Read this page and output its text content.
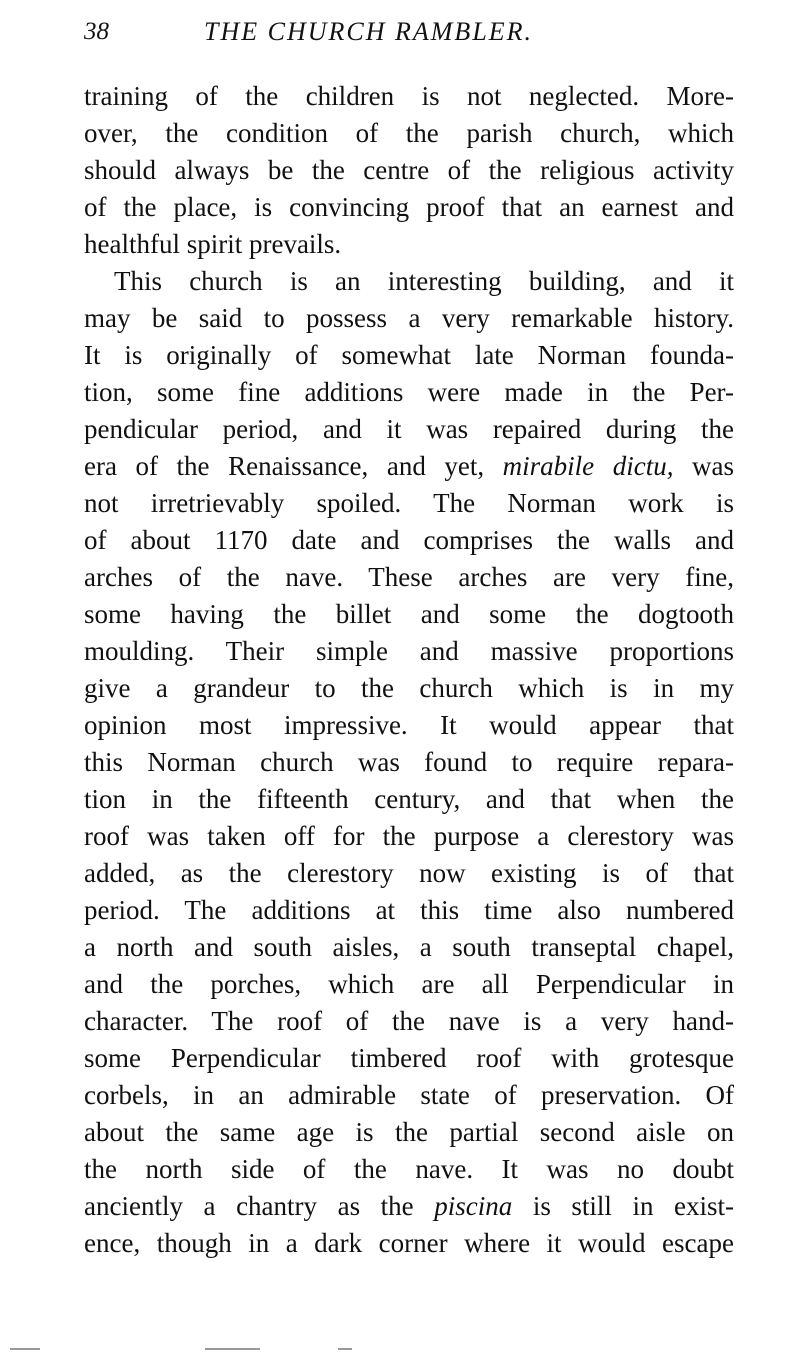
38	THE CHURCH RAMBLER.
training of the children is not neglected. More-
over, the condition of the parish church, which
should always be the centre of the religious activity
of the place, is convincing proof that an earnest and
healthful spirit prevails.
This church is an interesting building, and it
may be said to possess a very remarkable history.
It is originally of somewhat late Norman founda-
tion, some fine additions were made in the Per-
pendicular period, and it was repaired during the
era of the Renaissance, and yet, mirabile dictu, was
not irretrievably spoiled. The Norman work is
of about 1170 date and comprises the walls and
arches of the nave. These arches are very fine,
some having the billet and some the dogtooth
moulding. Their simple and massive proportions
give a grandeur to the church which is in my
opinion most impressive. It would appear that
this Norman church was found to require repara-
tion in the fifteenth century, and that when the
roof was taken off for the purpose a clerestory was
added, as the clerestory now existing is of that
period. The additions at this time also numbered
a north and south aisles, a south transeptal chapel,
and the porches, which are all Perpendicular in
character. The roof of the nave is a very hand-
some Perpendicular timbered roof with grotesque
corbels, in an admirable state of preservation. Of
about the same age is the partial second aisle on
the north side of the nave. It was no doubt
anciently a chantry as the piscina is still in exist-
ence, though in a dark corner where it would escape
